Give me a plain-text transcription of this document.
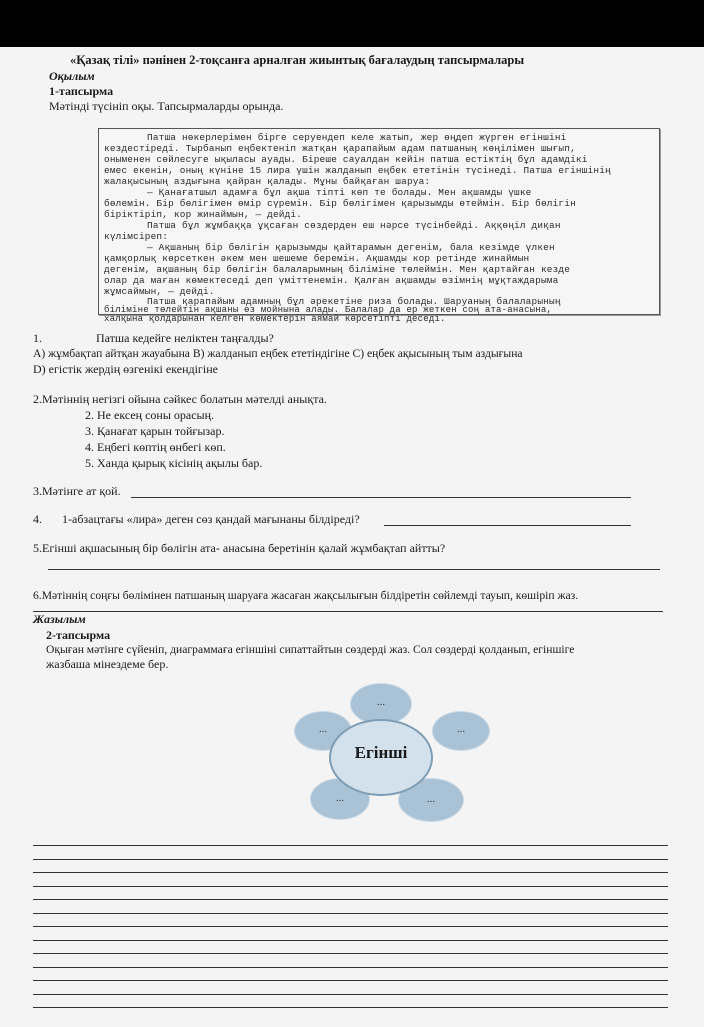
«Қазақ тілі» пәнінен 2-тоқсанға арналған жиынтық бағалаудың тапсырмалары
Оқылым
1-тапсырма
Мәтінді түсініп оқы. Тапсырмаларды орында.
Патша нөкерлерімен бірге серуендеп келе жатып, жер өңдеп жүрген егіншіні
кездестіреді. Тырбанып еңбектеніп жатқан қарапайым адам патшаның көңілімен шығып,
оныменен сөйлесуге ықыласы ауады. Біреше сауалдан кейін патша естіктің бұл адамдікі
емес екенін, оның күніне 15 лира үшін жалданып еңбек ететінін түсінеді. Патша егіншінің
жалақысының аздығына қайран қалады. Мұны байқаған шаруа:
— Қанағатшыл адамға бұл ақша тіпті көп те болады. Мен ақшамды үшке
бөлемін. Бір бөлігімен өмір сүремін. Бір бөлігімен қарызымды өтеймін. Бір бөлігін
біріктіріп, кор жинаймын, — дейді.
Патша бұл жұмбаққа ұқсаған сөздерден еш нәрсе түсінбейді. Аққөңіл диқан
күлімсіреп:
— Ақшаның бір бөлігін қарызымды қайтарамын дегенім, бала кезімде үлкен
қамқорлық көрсеткен әкем мен шешеме беремін. Ақшамды кор ретінде жинаймын
дегенім, ақшаның бір бөлігін балаларымның біліміне төлеймін. Мен қартайған кезде
олар да маған көмектеседі деп үміттенемін. Қалған ақшамды өзімнің мұқтаждарыма
жұмсаймын, — дейді.
Патша қарапайым адамның бұл әрекетіне риза болады. Шаруаның балаларының
біліміне төлейтін ақшаны өз мойнына алады. Балалар да ер жеткен соң ата-анасына,
халқына қолдарынан келген көмектерін аямай көрсетіпті деседі.
1.	Патша кедейге неліктен таңғалды?
А) жұмбақтап айтқан жауабына В) жалданып еңбек ететіндігіне С) еңбек ақысының тым аздығына
D) егістік жердің өзгенікі екендігіне
2.Мәтіннің негізгі ойына сәйкес болатын мәтелді анықта.
2. Не ексең соны орасың.
3. Қанағат қарын тойғызар.
4. Еңбегі көптің өнбегі көп.
5. Ханда қырық кісінің ақылы бар.
3.Мәтінге ат қой.
4. 1-абзацтағы «лира» деген сөз қандай мағынаны білдіреді?
5.Егінші ақшасының бір бөлігін ата- анасына беретінін қалай жұмбақтап айтты?
6.Мәтіннің соңғы бөлімінен патшаның шаруаға жасаған жақсылығын білдіретін сөйлемді тауып, көшіріп жаз.
Жазылым
2-тапсырма
Оқыған мәтінге сүйеніп, диаграммаға егіншіні сипаттайтын сөздерді жаз. Сол сөздерді қолданып, егіншіге
жазбаша мінездеме бер.
...
...	...
...	...
Егінші
